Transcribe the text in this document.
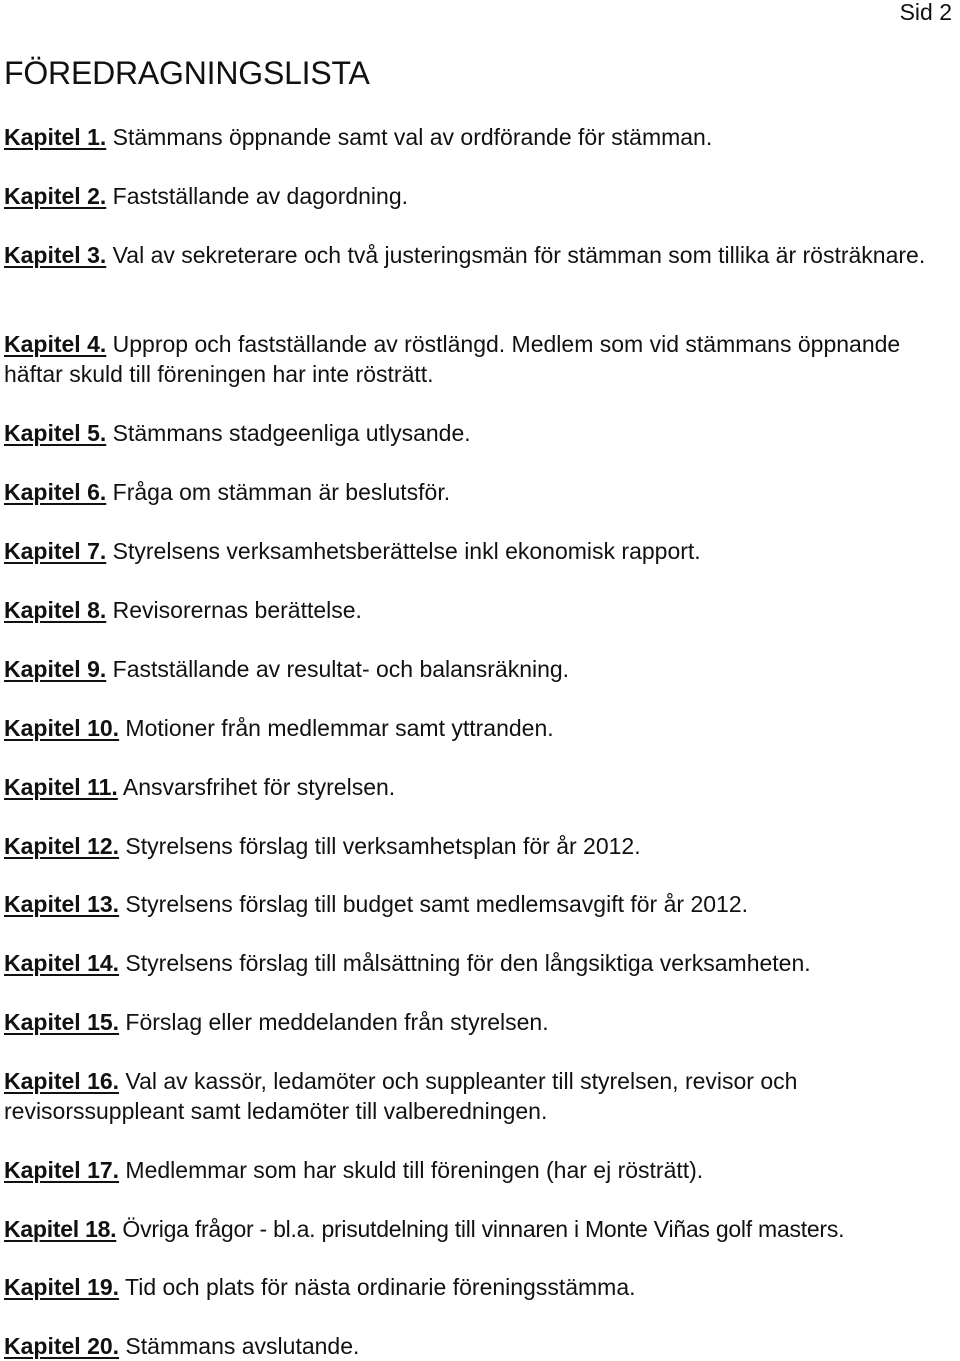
Sid 2
FÖREDRAGNINGSLISTA

Kapitel 1. Stämmans öppnande samt val av ordförande för stämman.

Kapitel 2. Fastställande av dagordning.

Kapitel 3. Val av sekreterare och två justeringsmän för stämman som tillika är rösträknare.

Kapitel 4. Upprop och fastställande av röstlängd. Medlem som vid stämmans öppnande häftar skuld till föreningen har inte rösträtt.

Kapitel 5. Stämmans stadgeenliga utlysande.

Kapitel 6. Fråga om stämman är beslutsför.

Kapitel 7. Styrelsens verksamhetsberättelse inkl ekonomisk rapport.

Kapitel 8. Revisorernas berättelse.

Kapitel 9. Fastställande av resultat- och balansräkning.

Kapitel 10. Motioner från medlemmar samt yttranden.

Kapitel 11. Ansvarsfrihet för styrelsen.

Kapitel 12. Styrelsens förslag till verksamhetsplan för år 2012.

Kapitel 13. Styrelsens förslag till budget samt medlemsavgift för år 2012.

Kapitel 14. Styrelsens förslag till målsättning för den långsiktiga verksamheten.

Kapitel 15. Förslag eller meddelanden från styrelsen.

Kapitel 16. Val av kassör, ledamöter och suppleanter till styrelsen, revisor och revisorssuppleant samt ledamöter till valberedningen.

Kapitel 17. Medlemmar som har skuld till föreningen (har ej rösträtt).

Kapitel 18. Övriga frågor - bl.a. prisutdelning till vinnaren i Monte Viñas golf masters.

Kapitel 19. Tid och plats för nästa ordinarie föreningsstämma.

Kapitel 20. Stämmans avslutande.
